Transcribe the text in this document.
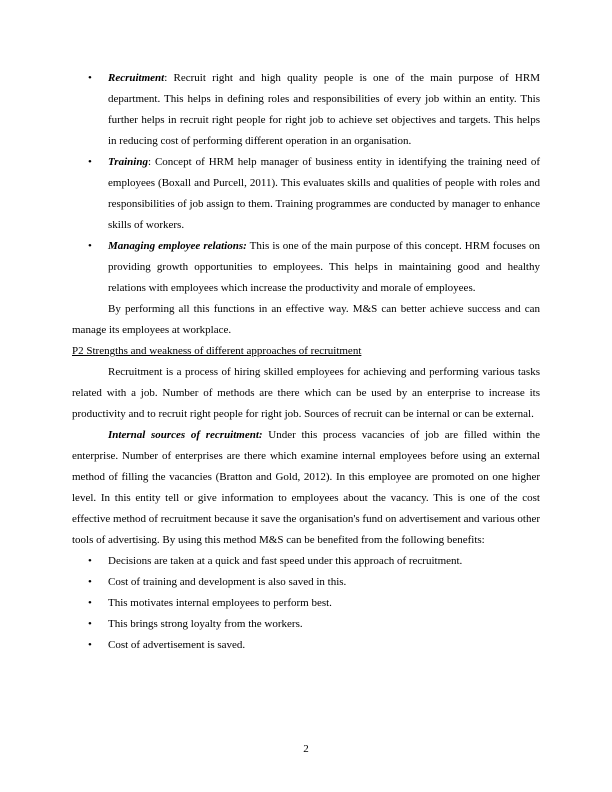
• Recruitment: Recruit right and high quality people is one of the main purpose of HRM department. This helps in defining roles and responsibilities of every job within an entity. This further helps in recruit right people for right job to achieve set objectives and targets. This helps in reducing cost of performing different operation in an organisation.
• Training: Concept of HRM help manager of business entity in identifying the training need of employees (Boxall and Purcell, 2011). This evaluates skills and qualities of people with roles and responsibilities of job assign to them. Training programmes are conducted by manager to enhance skills of workers.
• Managing employee relations: This is one of the main purpose of this concept. HRM focuses on providing growth opportunities to employees. This helps in maintaining good and healthy relations with employees which increase the productivity and morale of employees.
By performing all this functions in an effective way. M&S can better achieve success and can manage its employees at workplace.
P2 Strengths and weakness of different approaches of recruitment
Recruitment is a process of hiring skilled employees for achieving and performing various tasks related with a job. Number of methods are there which can be used by an enterprise to increase its productivity and to recruit right people for right job. Sources of recruit can be internal or can be external.
Internal sources of recruitment: Under this process vacancies of job are filled within the enterprise. Number of enterprises are there which examine internal employees before using an external method of filling the vacancies (Bratton and Gold, 2012). In this employee are promoted on one higher level. In this entity tell or give information to employees about the vacancy. This is one of the cost effective method of recruitment because it save the organisation's fund on advertisement and various other tools of advertising. By using this method M&S can be benefited from the following benefits:
• Decisions are taken at a quick and fast speed under this approach of recruitment.
• Cost of training and development is also saved in this.
• This motivates internal employees to perform best.
• This brings strong loyalty from the workers.
• Cost of advertisement is saved.
2
